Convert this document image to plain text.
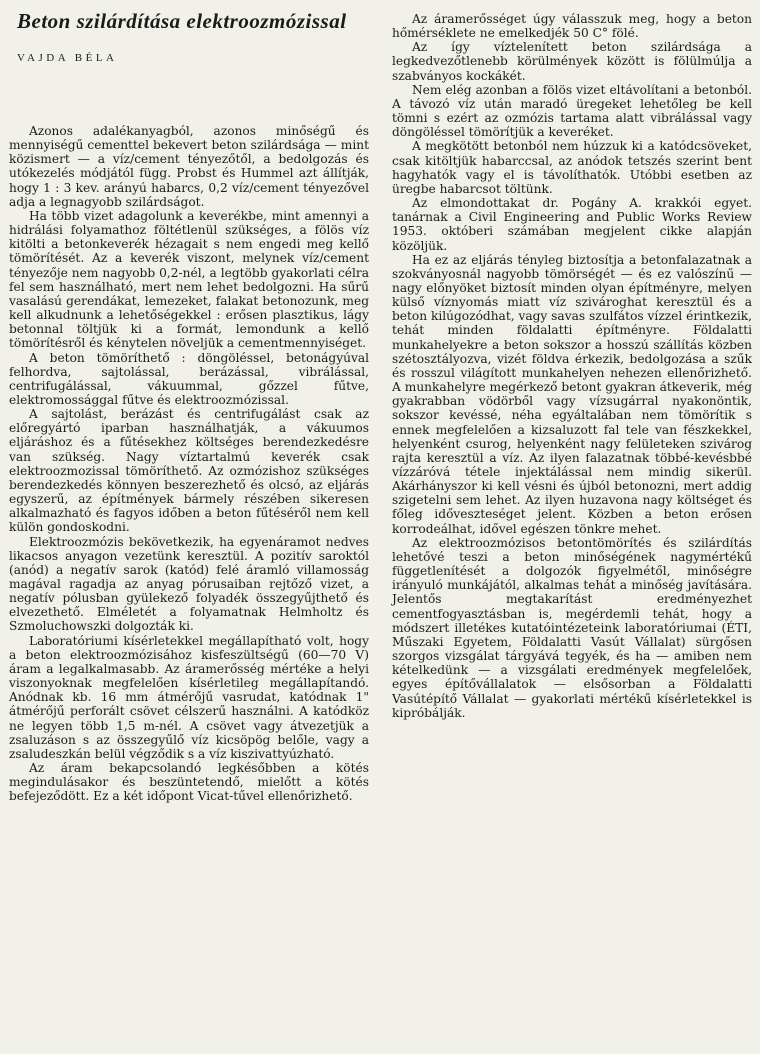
Beton szilárdítása elektroozmózissal
VAJDA BÉLA

Azonos adalékanyagból, azonos minőségű és mennyiségű cementtel bekevert beton szilárdsága — mint közismert — a víz/cement tényezőtől, a bedolgozás és utókezelés módjától függ. Probst és Hummel azt állítják, hogy 1 : 3 kev. arányú habarcs, 0,2 víz/cement tényezővel adja a legnagyobb szilárdságot.

Ha több vizet adagolunk a keverékbe, mint amennyi a hidrálási folyamathoz föltétlenül szükséges, a fölös víz kitölti a betonkeverék hézagait s nem engedi meg kellő tömörítését. Az a keverék viszont, melynek víz/cement tényezője nem nagyobb 0,2-nél, a legtöbb gyakorlati célra fel sem használható, mert nem lehet bedolgozni. Ha sűrű vasalású gerendákat, lemezeket, falakat betonozunk, meg kell alkudnunk a lehetőségekkel : erősen plasztikus, lágy betonnal töltjük ki a formát, lemondunk a kellő tömörítésről és kénytelen növeljük a cementmennyiséget.

A beton tömöríthető : döngöléssel, betonágyúval felhordva, sajtolással, berázással, vibrálással, centrifugálással, vákuummal, gőzzel fűtve, elektromossággal fűtve és elektroozmózissal.

A sajtolást, berázást és centrifugálást csak az előregyártó iparban használhatják, a vákuumos eljáráshoz és a fűtésekhez költséges berendezkedésre van szükség. Nagy víztartalmú keverék csak elektroozmozissal tömöríthető. Az ozmózishoz szükséges berendezkedés könnyen beszerezhető és olcsó, az eljárás egyszerű, az építmények bármely részében sikeresen alkalmazható és fagyos időben a beton fűtéséről nem kell külön gondoskodni.

Elektroozmózis bekövetkezik, ha egyenáramot nedves likacsos anyagon vezetünk keresztül. A pozitív saroktól (anód) a negatív sarok (katód) felé áramló villamosság magával ragadja az anyag pórusaiban rejtőző vizet, a negatív pólusban gyülekező folyadék összegyűjthető és elvezethető. Elméletét a folyamatnak Helmholtz és Szmoluchowszki dolgozták ki.

Laboratóriumi kísérletekkel megállapítható volt, hogy a beton elektroozmózisához kisfeszültségű (60—70 V) áram a legalkalmasabb. Az áramerősség mértéke a helyi viszonyoknak megfelelően kísérletileg megállapítandó. Anódnak kb. 16 mm átmérőjű vasrudat, katódnak 1" átmérőjű perforált csövet célszerű használni. A katódköz ne legyen több 1,5 m-nél. A csövet vagy átvezetjük a zsaluzáson s az összegyűlő víz kicsöpög belőle, vagy a zsaludeszkán belül végződik s a víz kiszivattyúzható.

Az áram bekapcsolandó legkésőbben a kötés megindulásakor és beszüntetendő, mielőtt a kötés befejeződött. Ez a két időpont Vicat-tűvel ellenőrizhető.

Az áramerősséget úgy válasszuk meg, hogy a beton hőmérséklete ne emelkedjék 50 C° fölé.

Az így víztelenített beton szilárdsága a legkedvezőtlenebb körülmények között is fölülmúlja a szabványos kockákét.

Nem elég azonban a fölös vizet eltávolítani a betonból. A távozó víz után maradó üregeket lehetőleg be kell tömni s ezért az ozmózis tartama alatt vibrálással vagy döngöléssel tömörítjük a keveréket.

A megkötött betonból nem húzzuk ki a katódcsöveket, csak kitöltjük habarccsal, az anódok tetszés szerint bent hagyhatók vagy el is távolíthatók. Utóbbi esetben az üregbe habarcsot töltünk.

Az elmondottakat dr. Pogány A. krakkói egyet. tanárnak a Civil Engineering and Public Works Review 1953. októberi számában megjelent cikke alapján közöljük.

Ha ez az eljárás tényleg biztosítja a betonfalazatnak a szokványosnál nagyobb tömörségét — és ez valószínű — nagy előnyöket biztosít minden olyan építményre, melyen külső víznyomás miatt víz szivároghat keresztül és a beton kilúgozódhat, vagy savas szulfátos vízzel érintkezik, tehát minden földalatti építményre. Földalatti munkahelyekre a beton sokszor a hosszú szállítás közben szétosztályozva, vizét földva érkezik, bedolgozása a szűk és rosszul világított munkahelyen nehezen ellenőrizhető. A munkahelyre megérkező betont gyakran átkeverik, még gyakrabban vödörből vagy vízsugárral nyakonöntik, sokszor kevéssé, néha egyáltalában nem tömörítik s ennek megfelelően a kizsaluzott fal tele van fészkekkel, helyenként csurog, helyenként nagy felületeken szivárog rajta keresztül a víz. Az ilyen falazatnak többé-kevésbbé vízzáróvá tétele injektálással nem mindig sikerül. Akárhányszor ki kell vésni és újból betonozni, mert addig szigetelni sem lehet. Az ilyen huzavona nagy költséget és főleg időveszteséget jelent. Közben a beton erősen korrodeálhat, idővel egészen tönkre mehet.

Az elektroozmózisos betontömörítés és szilárdítás lehetővé teszi a beton minőségének nagymértékű függetlenítését a dolgozók figyelmétől, minőségre irányuló munkájától, alkalmas tehát a minőség javítására. Jelentős megtakarítást eredményezhet cementfogyasztásban is, megérdemli tehát, hogy a módszert illetékes kutatóintézeteink laboratóriumai (ÉTI, Műszaki Egyetem, Földalatti Vasút Vállalat) sürgősen szorgos vizsgálat tárgyává tegyék, és ha — amiben nem kételkedünk — a vizsgálati eredmények megfelelőek, egyes építővállalatok — elsősorban a Földalatti Vasútépítő Vállalat — gyakorlati mértékű kísérletekkel is kipróbálják.
